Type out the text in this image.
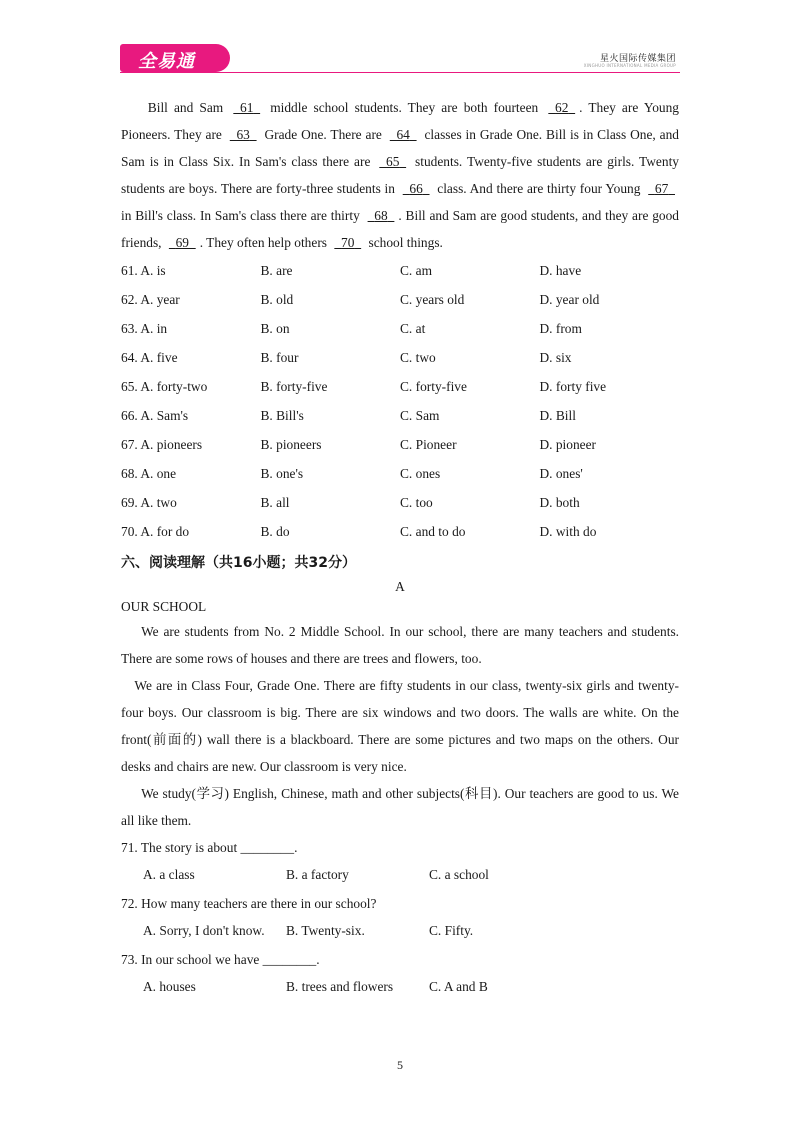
全易通	星火国际传媒集团
XINGHUO INTERNATIONAL MEDIA GROUP

Bill and Sam   61   middle school students. They are both fourteen   62 . They are Young Pioneers. They are   63   Grade One. There are   64   classes in Grade One. Bill is in Class One, and Sam is in Class Six. In Sam's class there are   65   students. Twenty-five students are girls. Twenty students are boys. There are forty-three students in   66   class. And there are thirty four Young   67   in Bill's class. In Sam's class there are thirty   68 . Bill and Sam are good students, and they are good friends,   69 . They often help others   70   school things.

61. A. is	B. are	C. am	D. have
62. A. year	B. old	C. years old	D. year old
63. A. in	B. on	C. at	D. from
64. A. five	B. four	C. two	D. six
65. A. forty-two	B. forty-five	C. forty-five	D. forty five
66. A. Sam's	B. Bill's	C. Sam	D. Bill
67. A. pioneers	B. pioneers	C. Pioneer	D. pioneer
68. A. one	B. one's	C. ones	D. ones'
69. A. two	B. all	C. too	D. both
70. A. for do	B. do	C. and to do	D. with do
六、阅读理解（共16小题；共32分）
A
OUR SCHOOL

We are students from No. 2 Middle School. In our school, there are many teachers and students. There are some rows of houses and there are trees and flowers, too.

We are in Class Four, Grade One. There are fifty students in our class, twenty-six girls and twenty-four boys. Our classroom is big. There are six windows and two doors. The walls are white. On the front(前面的) wall there is a blackboard. There are some pictures and two maps on the others. Our desks and chairs are new. Our classroom is very nice.

We study(学习) English, Chinese, math and other subjects(科目). Our teachers are good to us. We all like them.

71. The story is about ________.
A. a class	B. a factory	C. a school
72. How many teachers are there in our school?
A. Sorry, I don't know.	B. Twenty-six.	C. Fifty.
73. In our school we have ________.
A. houses	B. trees and flowers	C. A and B
5
